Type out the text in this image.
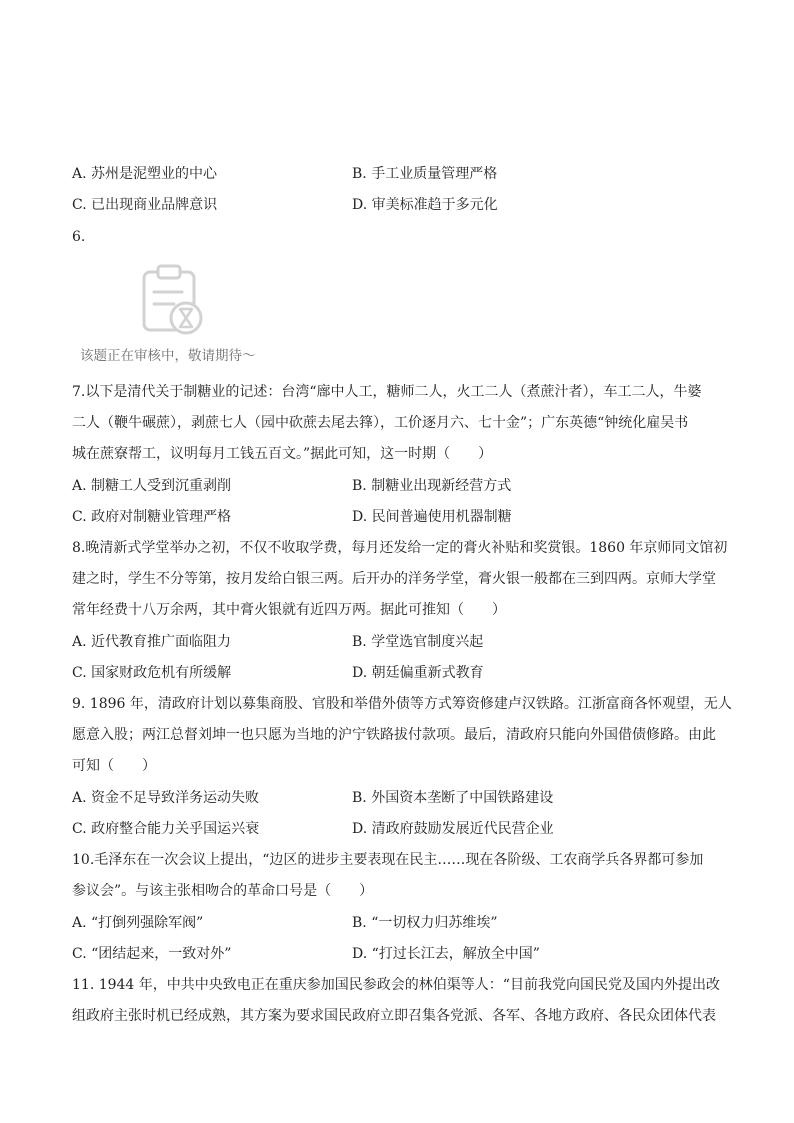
A. 苏州是泥塑业的中心	B. 手工业质量管理严格
C. 已出现商业品牌意识	D. 审美标准趋于多元化
6.
该题正在审核中，敬请期待～
7.以下是清代关于制糖业的记述：台湾“廍中人工，糖师二人，火工二人（煮蔗汁者），车工二人，牛婆
二人（鞭牛碾蔗），剥蔗七人（园中砍蔗去尾去箨），工价逐月六、七十金”；广东英德“钟统化雇吴书
城在蔗寮帮工，议明每月工钱五百文。”据此可知，这一时期（　　）
A. 制糖工人受到沉重剥削	B. 制糖业出现新经营方式
C. 政府对制糖业管理严格	D. 民间普遍使用机器制糖
8.晚清新式学堂举办之初，不仅不收取学费，每月还发给一定的膏火补贴和奖赏银。1860 年京师同文馆初
建之时，学生不分等第，按月发给白银三两。后开办的洋务学堂，膏火银一般都在三到四两。京师大学堂
常年经费十八万余两，其中膏火银就有近四万两。据此可推知（　　）
A. 近代教育推广面临阻力	B. 学堂选官制度兴起
C. 国家财政危机有所缓解	D. 朝廷偏重新式教育
9. 1896 年，清政府计划以募集商股、官股和举借外债等方式筹资修建卢汉铁路。江浙富商各怀观望，无人
愿意入股；两江总督刘坤一也只愿为当地的沪宁铁路拔付款项。最后，清政府只能向外国借债修路。由此
可知（　　）
A. 资金不足导致洋务运动失败	B. 外国资本垄断了中国铁路建设
C. 政府整合能力关乎国运兴衰	D. 清政府鼓励发展近代民营企业
10.毛泽东在一次会议上提出，“边区的进步主要表现在民主……现在各阶级、工农商学兵各界都可参加
参议会”。与该主张相吻合的革命口号是（　　）
A. “打倒列强除军阀”	B. “一切权力归苏维埃”
C. “团结起来，一致对外”	D. “打过长江去，解放全中国”
11. 1944 年，中共中央致电正在重庆参加国民参政会的林伯渠等人：“目前我党向国民党及国内外提出改
组政府主张时机已经成熟，其方案为要求国民政府立即召集各党派、各军、各地方政府、各民众团体代表
